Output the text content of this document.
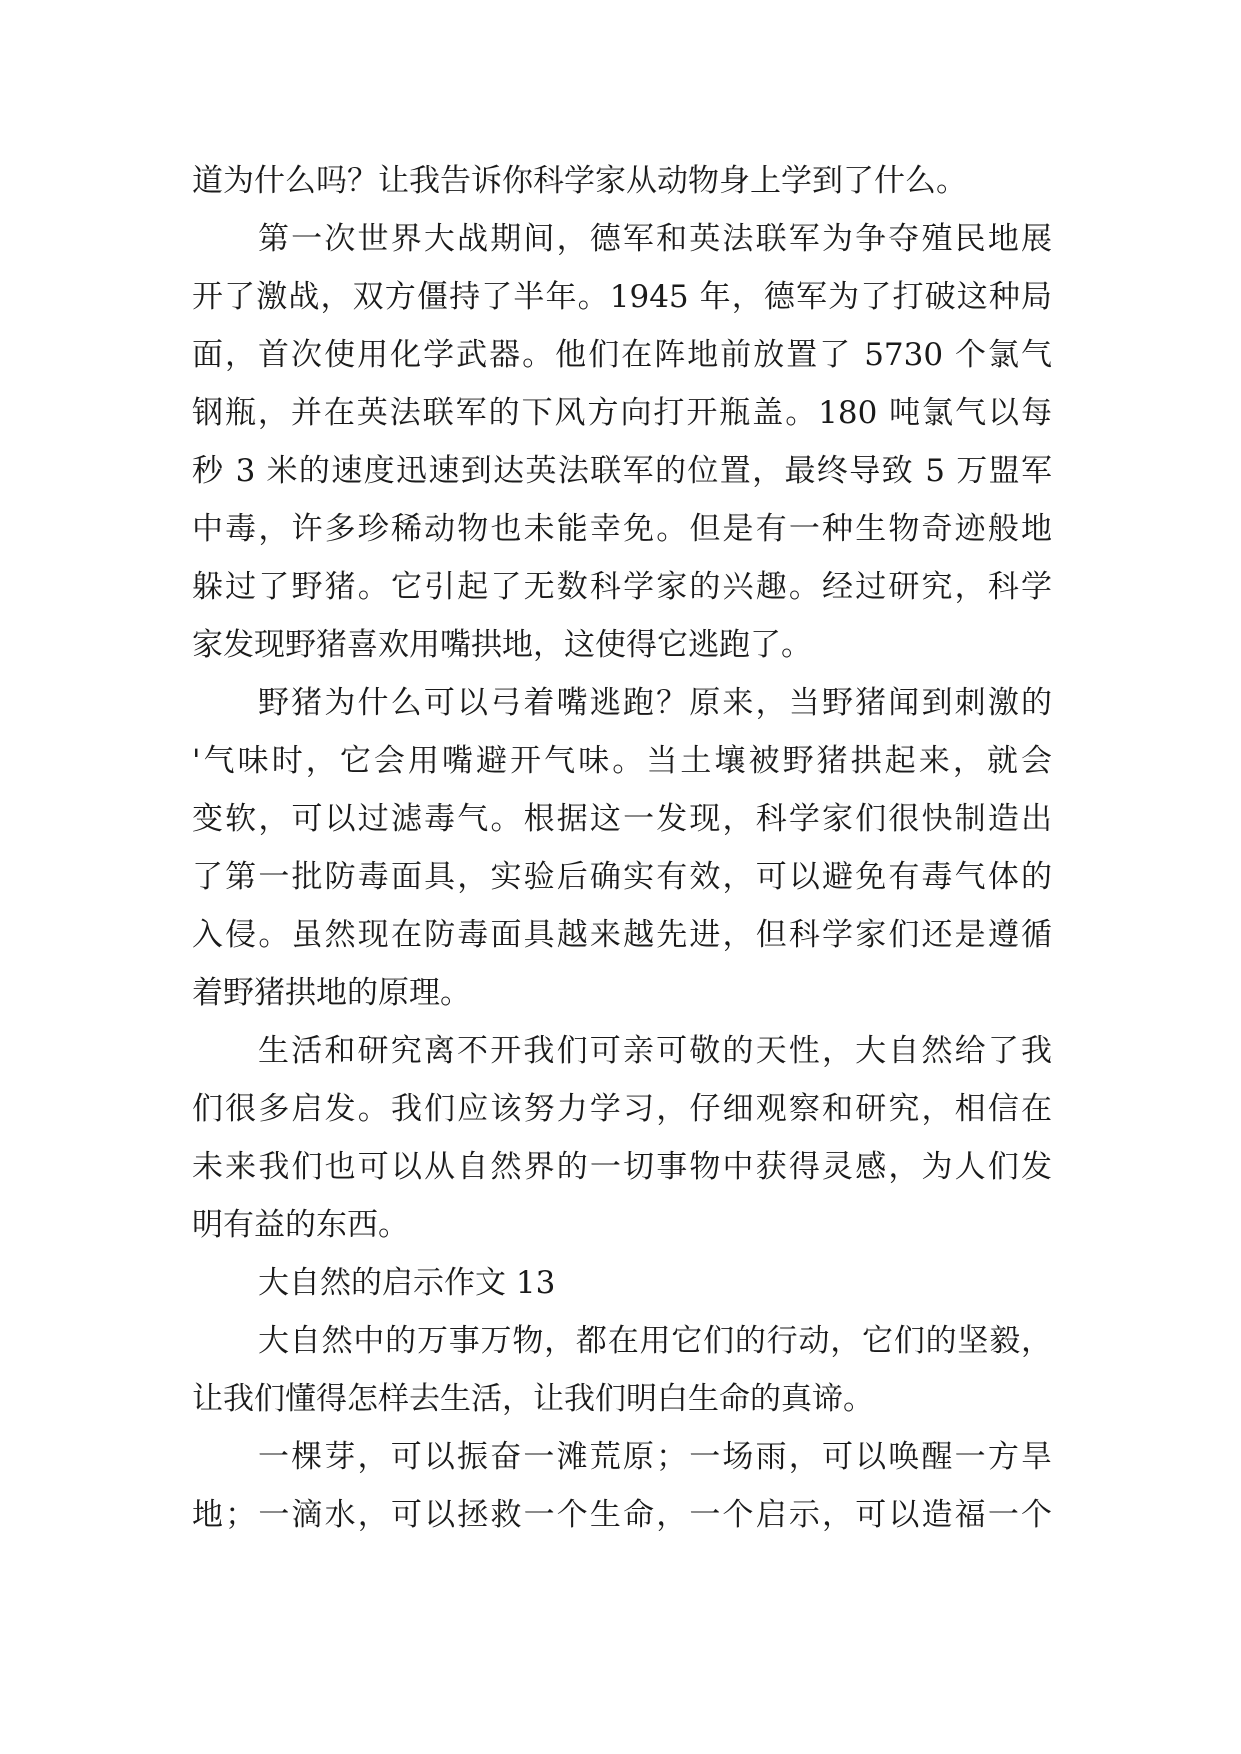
道为什么吗？让我告诉你科学家从动物身上学到了什么。
第一次世界大战期间，德军和英法联军为争夺殖民地展
开了激战，双方僵持了半年。1945 年，德军为了打破这种局
面，首次使用化学武器。他们在阵地前放置了 5730 个氯气
钢瓶，并在英法联军的下风方向打开瓶盖。180 吨氯气以每
秒 3 米的速度迅速到达英法联军的位置，最终导致 5 万盟军
中毒，许多珍稀动物也未能幸免。但是有一种生物奇迹般地
躲过了野猪。它引起了无数科学家的兴趣。经过研究，科学
家发现野猪喜欢用嘴拱地，这使得它逃跑了。
野猪为什么可以弓着嘴逃跑？原来，当野猪闻到刺激的
'气味时，它会用嘴避开气味。当土壤被野猪拱起来，就会
变软，可以过滤毒气。根据这一发现，科学家们很快制造出
了第一批防毒面具，实验后确实有效，可以避免有毒气体的
入侵。虽然现在防毒面具越来越先进，但科学家们还是遵循
着野猪拱地的原理。
生活和研究离不开我们可亲可敬的天性，大自然给了我
们很多启发。我们应该努力学习，仔细观察和研究，相信在
未来我们也可以从自然界的一切事物中获得灵感，为人们发
明有益的东西。
大自然的启示作文 13
大自然中的万事万物，都在用它们的行动，它们的坚毅，
让我们懂得怎样去生活，让我们明白生命的真谛。
一棵芽，可以振奋一滩荒原；一场雨，可以唤醒一方旱
地；一滴水，可以拯救一个生命，一个启示，可以造福一个
